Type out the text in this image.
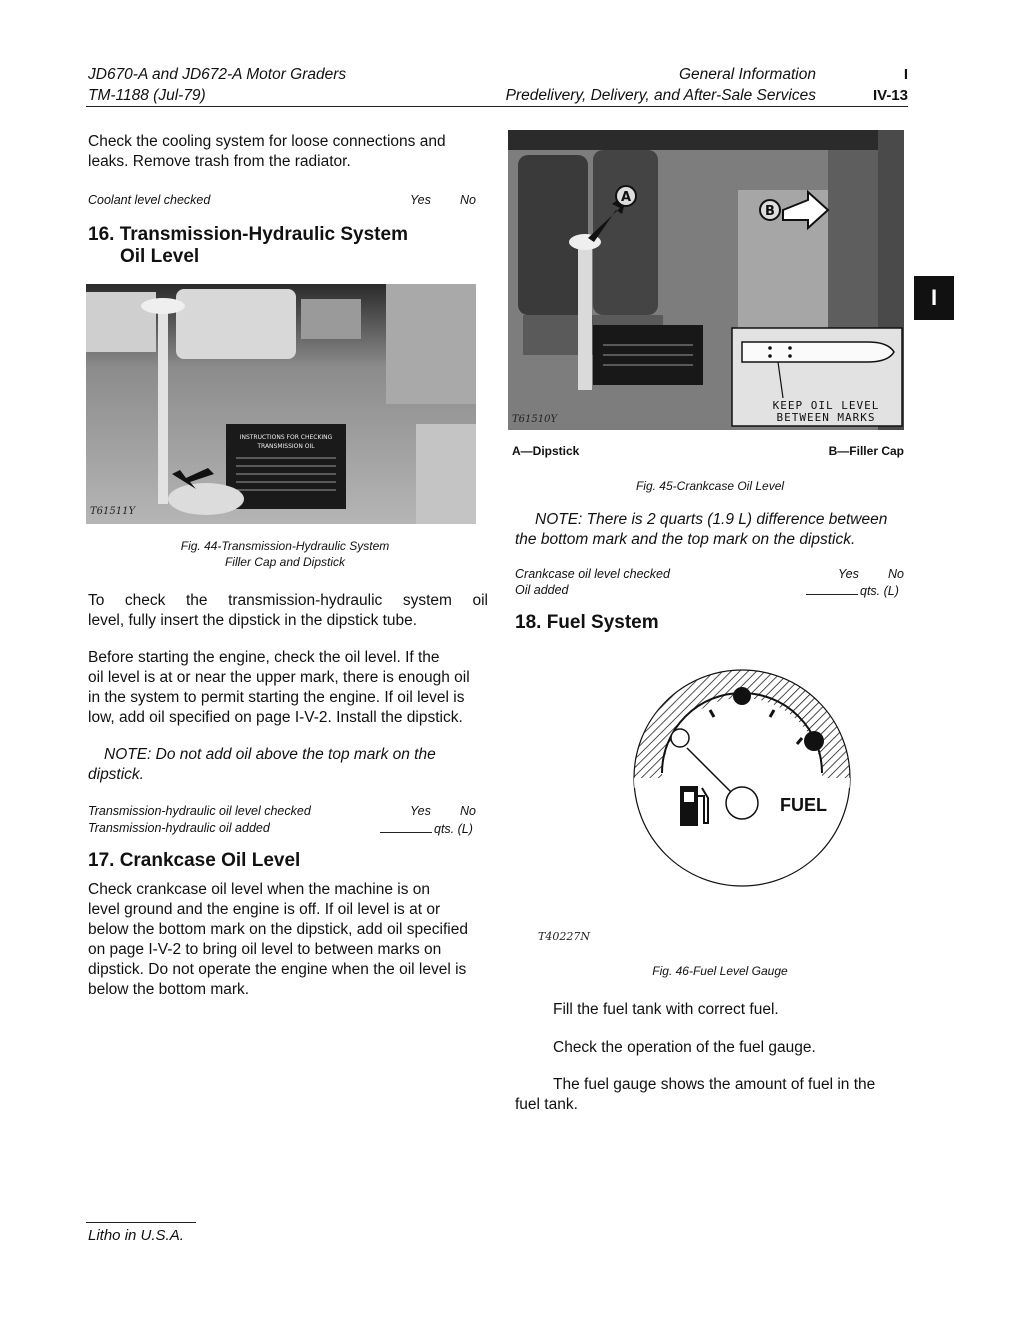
JD670-A and JD672-A Motor Graders
TM-1188 (Jul-79)
General Information
Predelivery, Delivery, and After-Sale Services
I
IV-13
Check the cooling system for loose connections and
leaks. Remove trash from the radiator.
Coolant level checked	Yes No
16. Transmission-Hydraulic System
Oil Level
INSTRUCTIONS FOR CHECKING
TRANSMISSION OIL
T61511Y
Fig. 44-Transmission-Hydraulic System
Filler Cap and Dipstick
To check the transmission-hydraulic system oil
level, fully insert the dipstick in the dipstick tube.
Before starting the engine, check the oil level. If the
oil level is at or near the upper mark, there is enough oil
in the system to permit starting the engine. If oil level is
low, add oil specified on page I-V-2. Install the dipstick.
NOTE: Do not add oil above the top mark on the
dipstick.
Transmission-hydraulic oil level checked	Yes No
Transmission-hydraulic oil added	qts. (L)
17. Crankcase Oil Level
Check crankcase oil level when the machine is on
level ground and the engine is off. If oil level is at or
below the bottom mark on the dipstick, add oil specified
on page I-V-2 to bring oil level to between marks on
dipstick. Do not operate the engine when the oil level is
below the bottom mark.
A
B
KEEP OIL LEVEL
BETWEEN MARKS
T61510Y
A—Dipstick	B—Filler Cap
Fig. 45-Crankcase Oil Level
NOTE: There is 2 quarts (1.9 L) difference between
the bottom mark and the top mark on the dipstick.
Crankcase oil level checked	Yes No
Oil added	qts. (L)
18. Fuel System
FUEL
T40227N
Fig. 46-Fuel Level Gauge
Fill the fuel tank with correct fuel.
Check the operation of the fuel gauge.
The fuel gauge shows the amount of fuel in the
fuel tank.
I
Litho in U.S.A.
